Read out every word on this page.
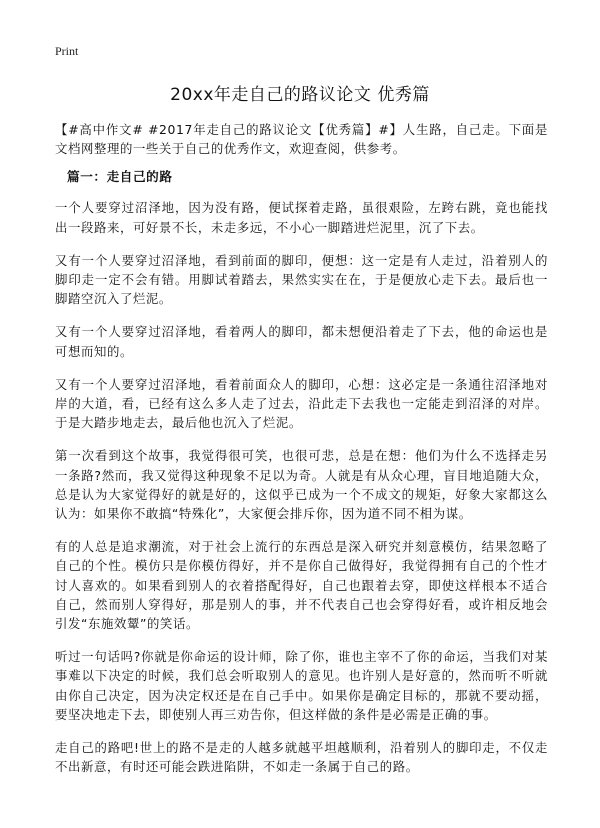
Print
20xx年走自己的路议论文 优秀篇

【#高中作文# #2017年走自己的路议论文【优秀篇】#】人生路，自己走。下面是文档网整理的一些关于自己的优秀作文，欢迎查阅，供参考。

篇一：走自己的路

一个人要穿过沼泽地，因为没有路，便试探着走路，虽很艰险，左跨右跳，竟也能找出一段路来，可好景不长，未走多远，不小心一脚踏进烂泥里，沉了下去。

又有一个人要穿过沼泽地，看到前面的脚印，便想：这一定是有人走过，沿着别人的脚印走一定不会有错。用脚试着踏去，果然实实在在，于是便放心走下去。最后也一脚踏空沉入了烂泥。

又有一个人要穿过沼泽地，看着两人的脚印，都未想便沿着走了下去，他的命运也是可想而知的。

又有一个人要穿过沼泽地，看着前面众人的脚印，心想：这必定是一条通往沼泽地对岸的大道，看，已经有这么多人走了过去，沿此走下去我也一定能走到沼泽的对岸。于是大踏步地走去，最后他也沉入了烂泥。

第一次看到这个故事，我觉得很可笑，也很可悲，总是在想：他们为什么不选择走另一条路?然而，我又觉得这种现象不足以为奇。人就是有从众心理，盲目地追随大众，总是认为大家觉得好的就是好的，这似乎已成为一个不成文的规矩，好象大家都这么认为：如果你不敢搞“特殊化”，大家便会排斥你，因为道不同不相为谋。

有的人总是追求潮流，对于社会上流行的东西总是深入研究并刻意模仿，结果忽略了自己的个性。模仿只是你模仿得好，并不是你自己做得好，我觉得拥有自己的个性才讨人喜欢的。如果看到别人的衣着搭配得好，自己也跟着去穿，即使这样根本不适合自己，然而别人穿得好，那是别人的事，并不代表自己也会穿得好看，或许相反地会引发“东施效颦”的笑话。

听过一句话吗?你就是你命运的设计师，除了你，谁也主宰不了你的命运，当我们对某事难以下决定的时候，我们总会听取别人的意见。也许别人是好意的，然而听不听就由你自己决定，因为决定权还是在自己手中。如果你是确定目标的，那就不要动摇，要坚决地走下去，即使别人再三劝告你，但这样做的条件是必需是正确的事。

走自己的路吧!世上的路不是走的人越多就越平坦越顺利，沿着别人的脚印走，不仅走不出新意，有时还可能会跌进陷阱，不如走一条属于自己的路。
